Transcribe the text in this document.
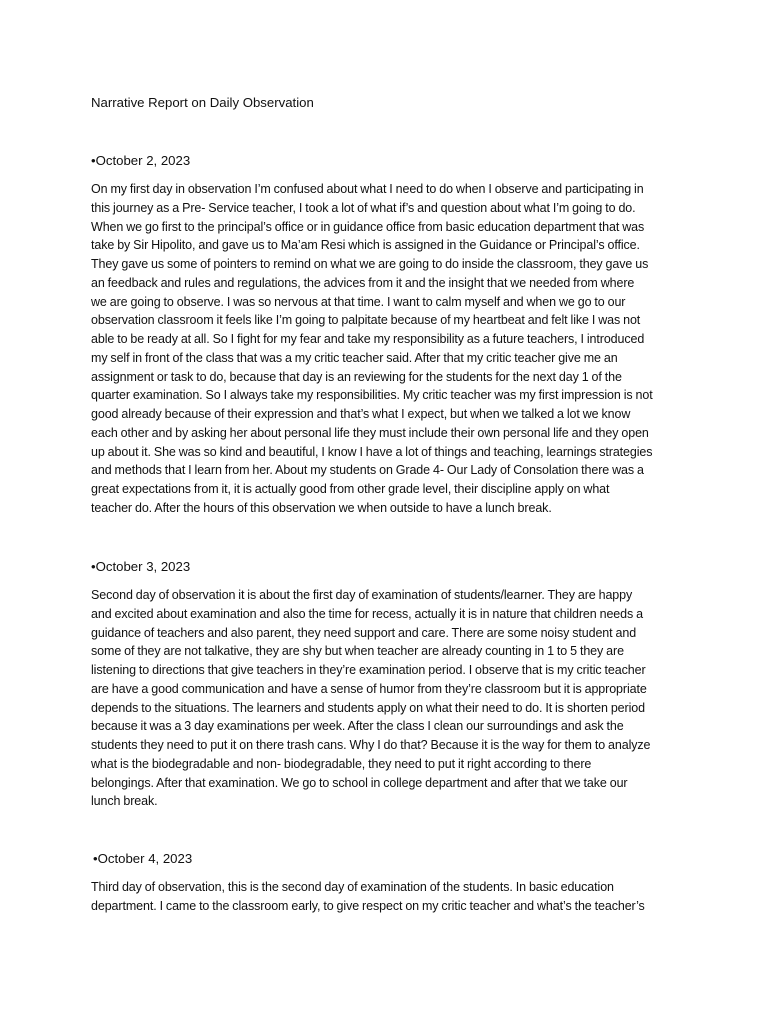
Narrative Report on Daily Observation

•October 2, 2023

On my first day in observation I’m confused about what I need to do when I observe and participating in
this journey as a Pre- Service teacher, I took a lot of what if’s and question about what I’m going to do.
When we go first to the principal’s office or in guidance office from basic education department that was
take by Sir Hipolito, and gave us to Ma’am Resi which is assigned in the Guidance or Principal’s office.
They gave us some of pointers to remind on what we are going to do inside the classroom, they gave us
an feedback and rules and regulations, the advices from it and the insight that we needed from where
we are going to observe. I was so nervous at that time. I want to calm myself and when we go to our
observation classroom it feels like I’m going to palpitate because of my heartbeat and felt like I was not
able to be ready at all. So I fight for my fear and take my responsibility as a future teachers, I introduced
my self in front of the class that was a my critic teacher said. After that my critic teacher give me an
assignment or task to do, because that day is an reviewing for the students for the next day 1 of the
quarter examination. So I always take my responsibilities. My critic teacher was my first impression is not
good already because of their expression and that’s what I expect, but when we talked a lot we know
each other and by asking her about personal life they must include their own personal life and they open
up about it. She was so kind and beautiful, I know I have a lot of things and teaching, learnings strategies
and methods that I learn from her. About my students on Grade 4- Our Lady of Consolation there was a
great expectations from it, it is actually good from other grade level, their discipline apply on what
teacher do. After the hours of this observation we when outside to have a lunch break.

•October 3, 2023

Second day of observation it is about the first day of examination of students/learner. They are happy
and excited about examination and also the time for recess, actually it is in nature that children needs a
guidance of teachers and also parent, they need support and care. There are some noisy student and
some of they are not talkative, they are shy but when teacher are already counting in 1 to 5 they are
listening to directions that give teachers in they’re examination period. I observe that is my critic teacher
are have a good communication and have a sense of humor from they’re classroom but it is appropriate
depends to the situations. The learners and students apply on what their need to do. It is shorten period
because it was a 3 day examinations per week. After the class I clean our surroundings and ask the
students they need to put it on there trash cans. Why I do that? Because it is the way for them to analyze
what is the biodegradable and non- biodegradable, they need to put it right according to there
belongings. After that examination. We go to school in college department and after that we take our
lunch break.

•October 4, 2023

Third day of observation, this is the second day of examination of the students. In basic education
department. I came to the classroom early, to give respect on my critic teacher and what’s the teacher’s
